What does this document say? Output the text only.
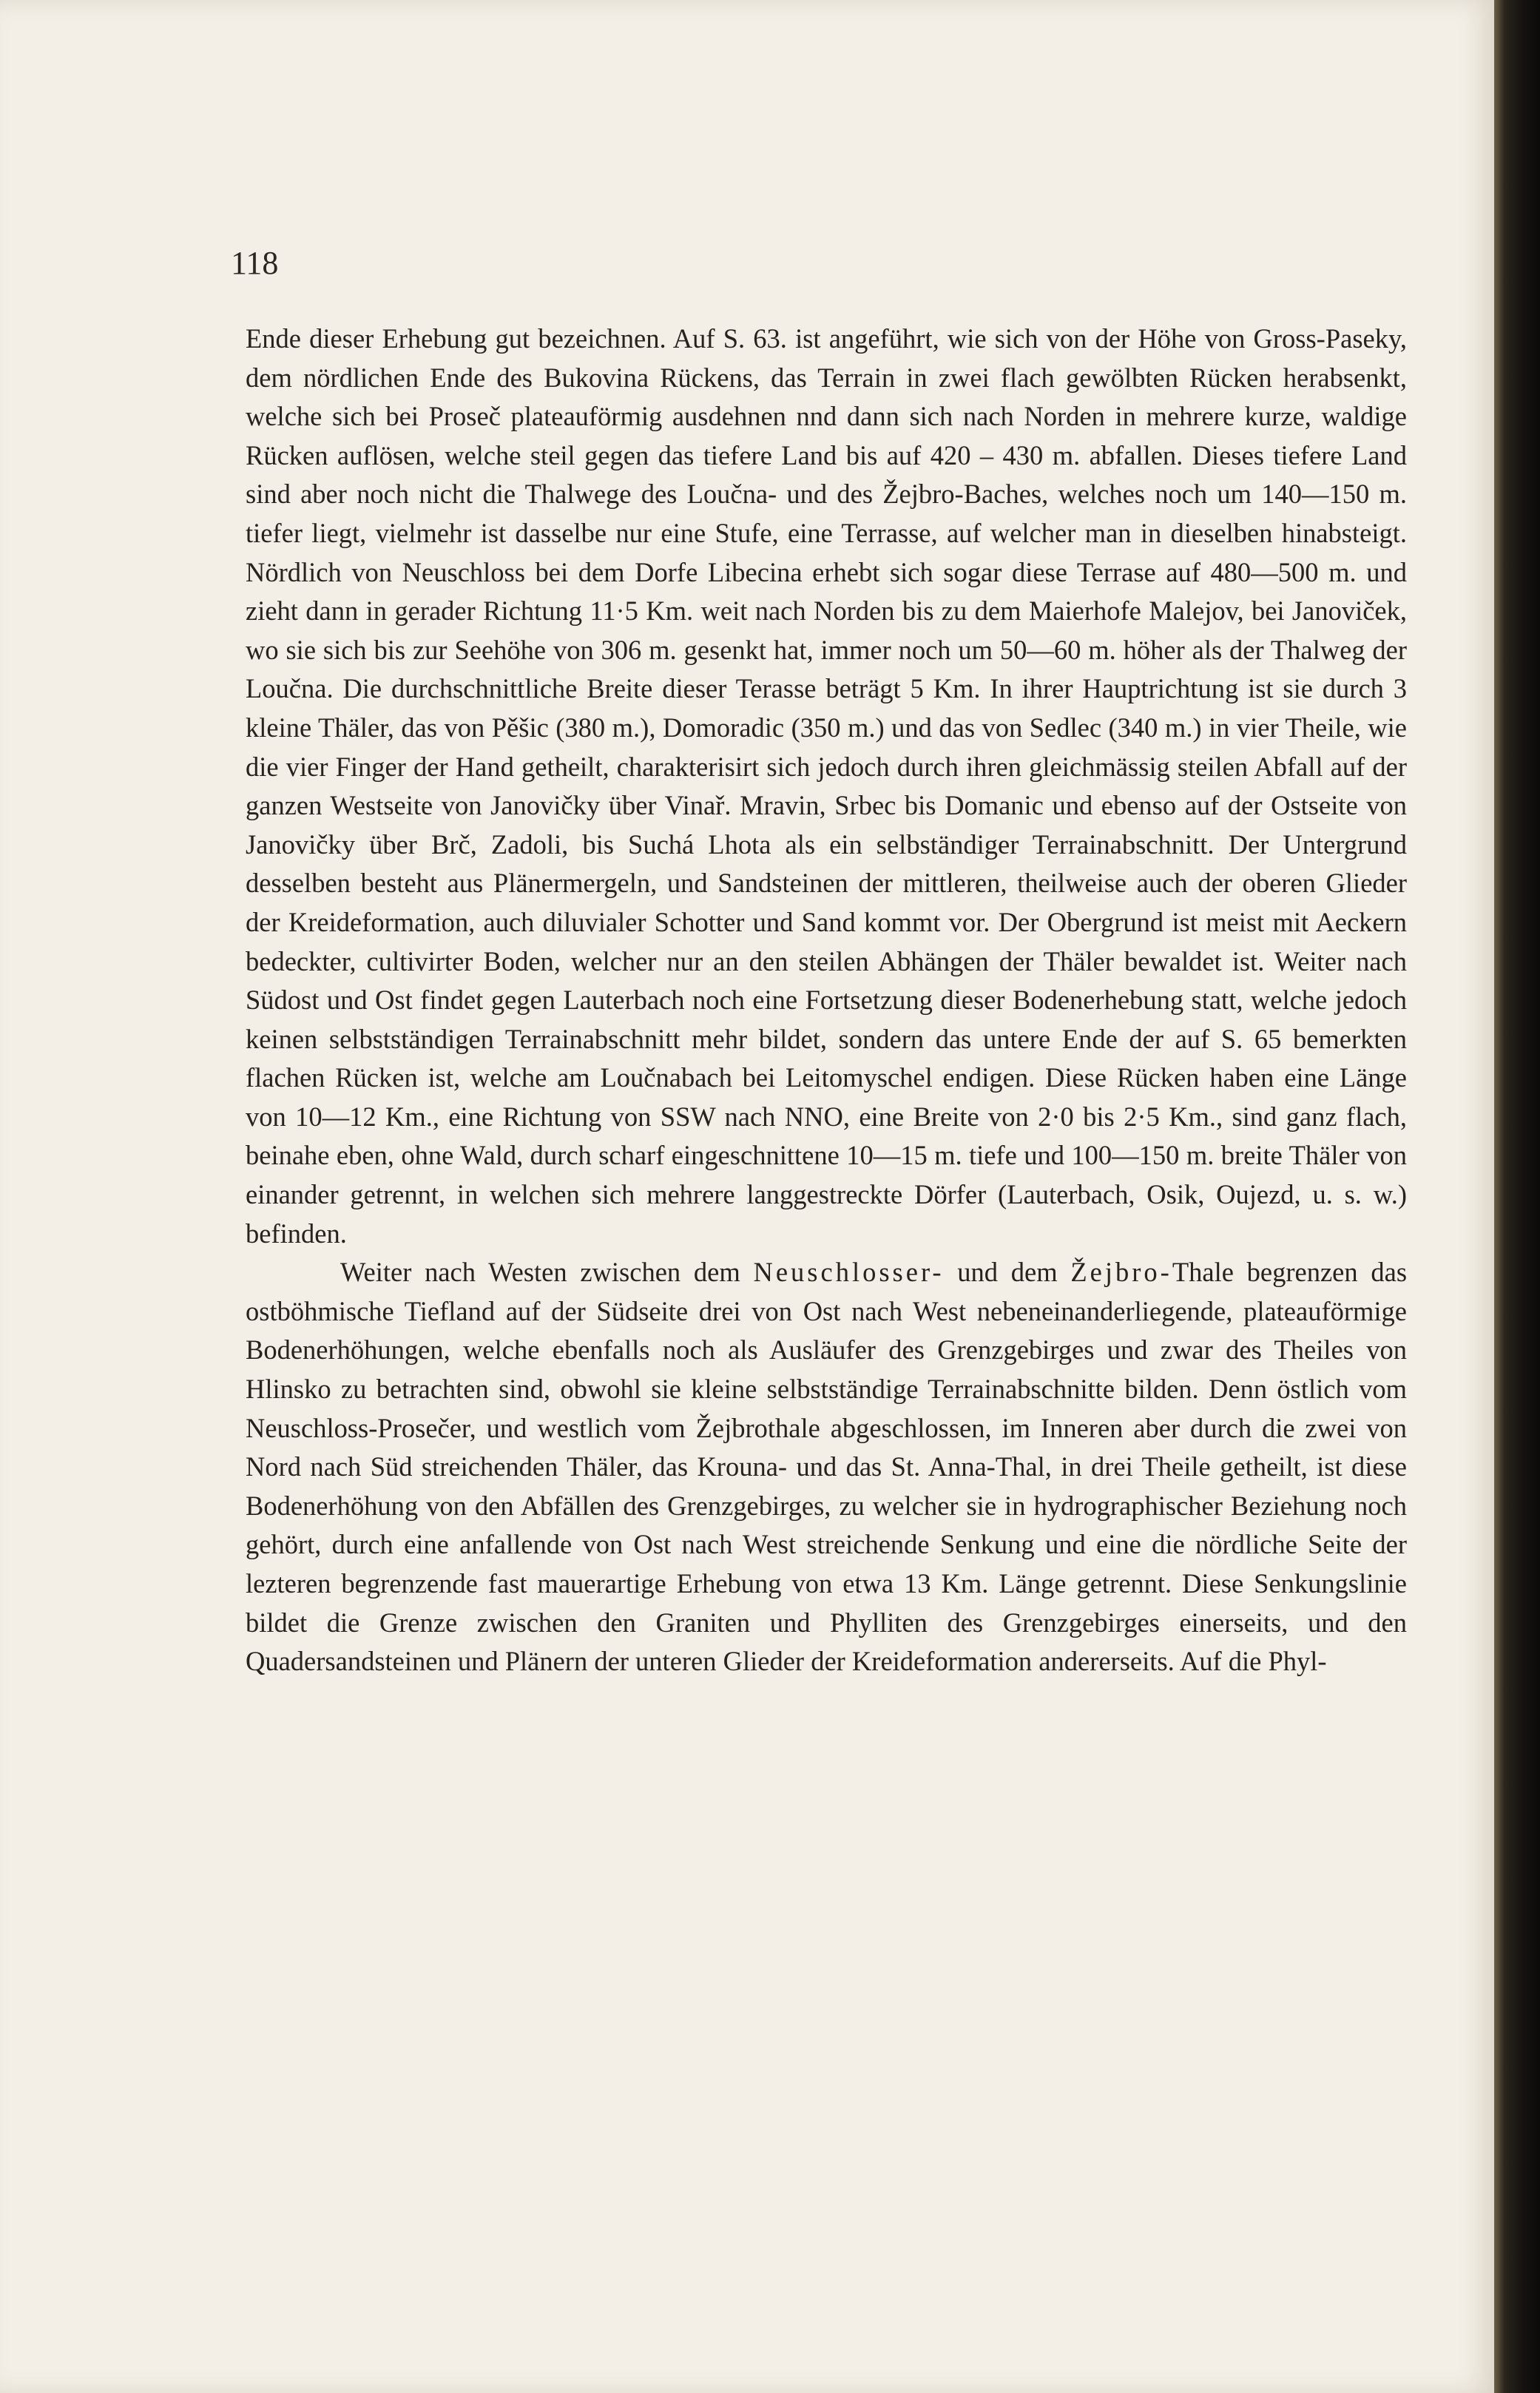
118

Ende dieser Erhebung gut bezeichnen. Auf S. 63. ist angeführt, wie sich von der Höhe von Gross-Paseky, dem nördlichen Ende des Bukovina Rückens, das Terrain in zwei flach gewölbten Rücken herabsenkt, welche sich bei Proseč plateauförmig ausdehnen nnd dann sich nach Norden in mehrere kurze, waldige Rücken auflösen, welche steil gegen das tiefere Land bis auf 420 – 430 m. abfallen. Dieses tiefere Land sind aber noch nicht die Thalwege des Loučna- und des Žejbro-Baches, welches noch um 140—150 m. tiefer liegt, vielmehr ist dasselbe nur eine Stufe, eine Terrasse, auf welcher man in dieselben hinabsteigt. Nördlich von Neuschloss bei dem Dorfe Libecina erhebt sich sogar diese Terrase auf 480—500 m. und zieht dann in gerader Richtung 11·5 Km. weit nach Norden bis zu dem Maierhofe Malejov, bei Janoviček, wo sie sich bis zur Seehöhe von 306 m. gesenkt hat, immer noch um 50—60 m. höher als der Thalweg der Loučna. Die durchschnittliche Breite dieser Terasse beträgt 5 Km. In ihrer Hauptrichtung ist sie durch 3 kleine Thäler, das von Pěšic (380 m.), Domoradic (350 m.) und das von Sedlec (340 m.) in vier Theile, wie die vier Finger der Hand getheilt, charakterisirt sich jedoch durch ihren gleichmässig steilen Abfall auf der ganzen Westseite von Janovičky über Vinař. Mravin, Srbec bis Domanic und ebenso auf der Ostseite von Janovičky über Brč, Zadoli, bis Suchá Lhota als ein selbständiger Terrainabschnitt. Der Untergrund desselben besteht aus Plänermergeln, und Sandsteinen der mittleren, theilweise auch der oberen Glieder der Kreideformation, auch diluvialer Schotter und Sand kommt vor. Der Obergrund ist meist mit Aeckern bedeckter, cultivirter Boden, welcher nur an den steilen Abhängen der Thäler bewaldet ist. Weiter nach Südost und Ost findet gegen Lauterbach noch eine Fortsetzung dieser Bodenerhebung statt, welche jedoch keinen selbstständigen Terrainabschnitt mehr bildet, sondern das untere Ende der auf S. 65 bemerkten flachen Rücken ist, welche am Loučnabach bei Leitomyschel endigen. Diese Rücken haben eine Länge von 10—12 Km., eine Richtung von SSW nach NNO, eine Breite von 2·0 bis 2·5 Km., sind ganz flach, beinahe eben, ohne Wald, durch scharf eingeschnittene 10—15 m. tiefe und 100—150 m. breite Thäler von einander getrennt, in welchen sich mehrere langgestreckte Dörfer (Lauterbach, Osik, Oujezd, u. s. w.) befinden.

Weiter nach Westen zwischen dem Neuschlosser- und dem Žejbro-Thale begrenzen das ostböhmische Tiefland auf der Südseite drei von Ost nach West nebeneinanderliegende, plateauförmige Bodenerhöhungen, welche ebenfalls noch als Ausläufer des Grenzgebirges und zwar des Theiles von Hlinsko zu betrachten sind, obwohl sie kleine selbstständige Terrainabschnitte bilden. Denn östlich vom Neuschloss-Prosečer, und westlich vom Žejbrothale abgeschlossen, im Inneren aber durch die zwei von Nord nach Süd streichenden Thäler, das Krouna- und das St. Anna-Thal, in drei Theile getheilt, ist diese Bodenerhöhung von den Abfällen des Grenzgebirges, zu welcher sie in hydrographischer Beziehung noch gehört, durch eine anfallende von Ost nach West streichende Senkung und eine die nördliche Seite der lezteren begrenzende fast mauerartige Erhebung von etwa 13 Km. Länge getrennt. Diese Senkungslinie bildet die Grenze zwischen den Graniten und Phylliten des Grenzgebirges einerseits, und den Quadersandsteinen und Plänern der unteren Glieder der Kreideformation andererseits. Auf die Phyl-
